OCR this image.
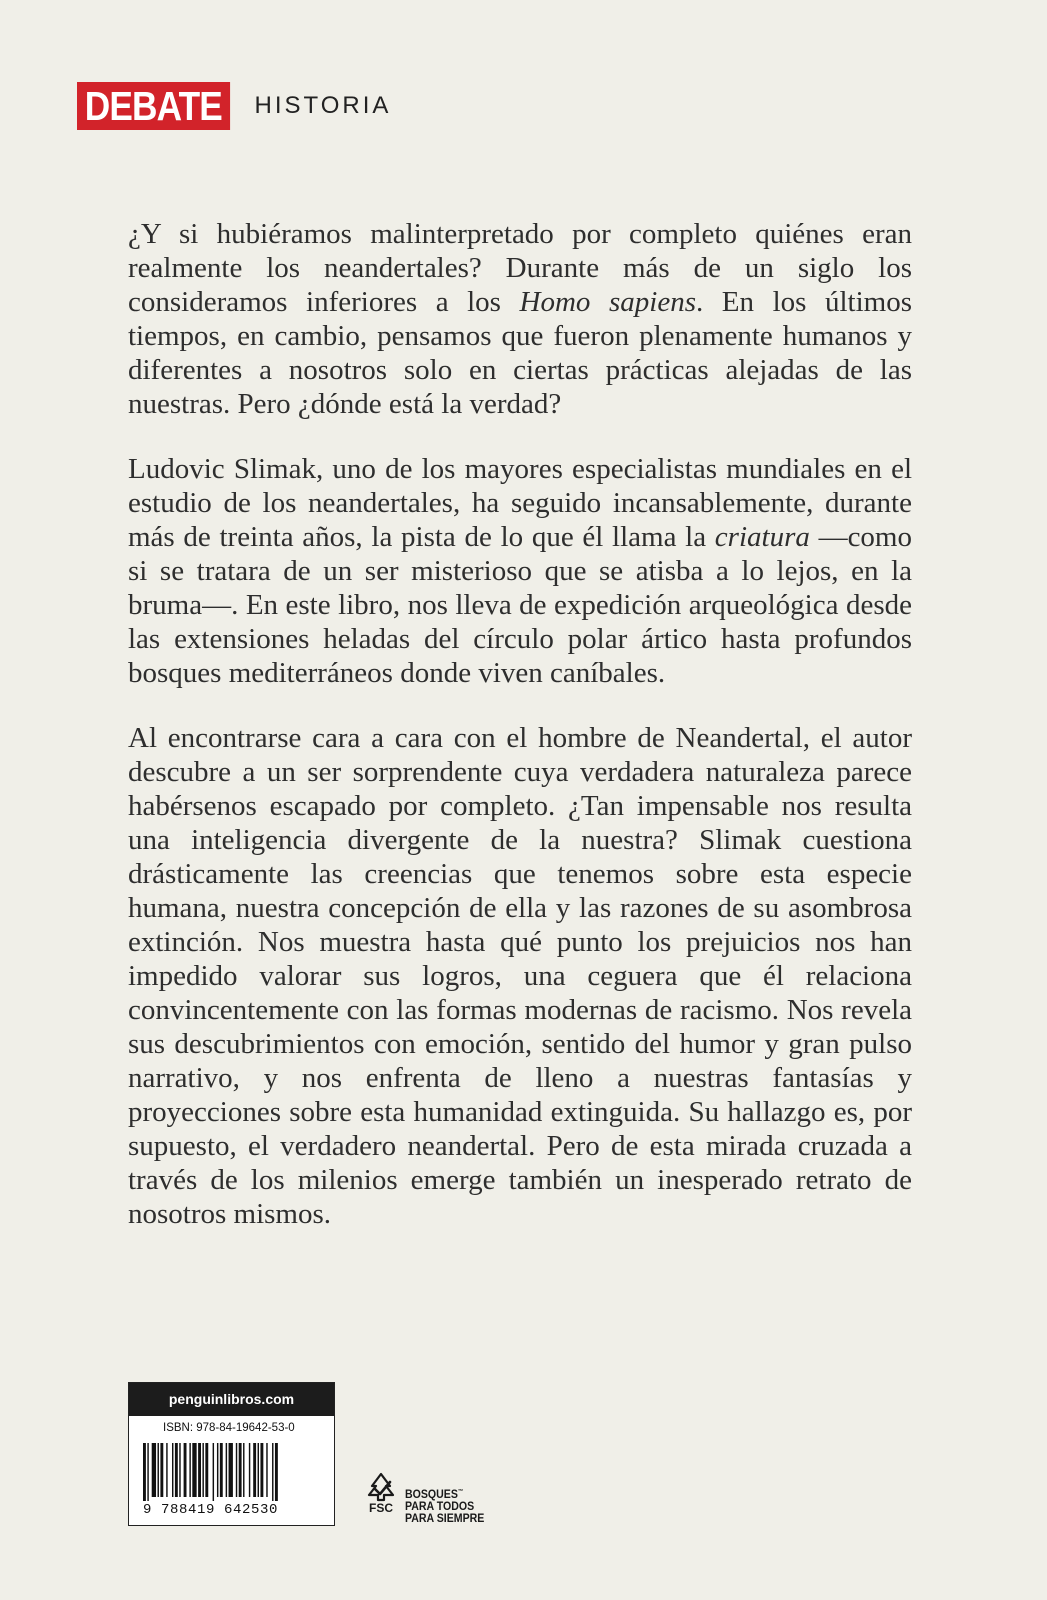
DEBATE	HISTORIA

¿Y si hubiéramos malinterpretado por completo quiénes eran realmente los neandertales? Durante más de un siglo los consideramos inferiores a los Homo sapiens. En los últimos tiempos, en cambio, pensamos que fueron plenamente humanos y diferentes a nosotros solo en ciertas prácticas alejadas de las nuestras. Pero ¿dónde está la verdad?

Ludovic Slimak, uno de los mayores especialistas mundiales en el estudio de los neandertales, ha seguido incansablemente, durante más de treinta años, la pista de lo que él llama la criatura —como si se tratara de un ser misterioso que se atisba a lo lejos, en la bruma—. En este libro, nos lleva de expedición arqueológica desde las extensiones heladas del círculo polar ártico hasta profundos bosques mediterráneos donde viven caníbales.

Al encontrarse cara a cara con el hombre de Neandertal, el autor descubre a un ser sorprendente cuya verdadera naturaleza parece habérsenos escapado por completo. ¿Tan impensable nos resulta una inteligencia divergente de la nuestra? Slimak cuestiona drásticamente las creencias que tenemos sobre esta especie humana, nuestra concepción de ella y las razones de su asombrosa extinción. Nos muestra hasta qué punto los prejuicios nos han impedido valorar sus logros, una ceguera que él relaciona convincentemente con las formas modernas de racismo. Nos revela sus descubrimientos con emoción, sentido del humor y gran pulso narrativo, y nos enfrenta de lleno a nuestras fantasías y proyecciones sobre esta humanidad extinguida. Su hallazgo es, por supuesto, el verdadero neandertal. Pero de esta mirada cruzada a través de los milenios emerge también un inesperado retrato de nosotros mismos.

penguinlibros.com
ISBN: 978-84-19642-53-0
9 788419 642530	FSC
BOSQUES™
PARA TODOS
PARA SIEMPRE
